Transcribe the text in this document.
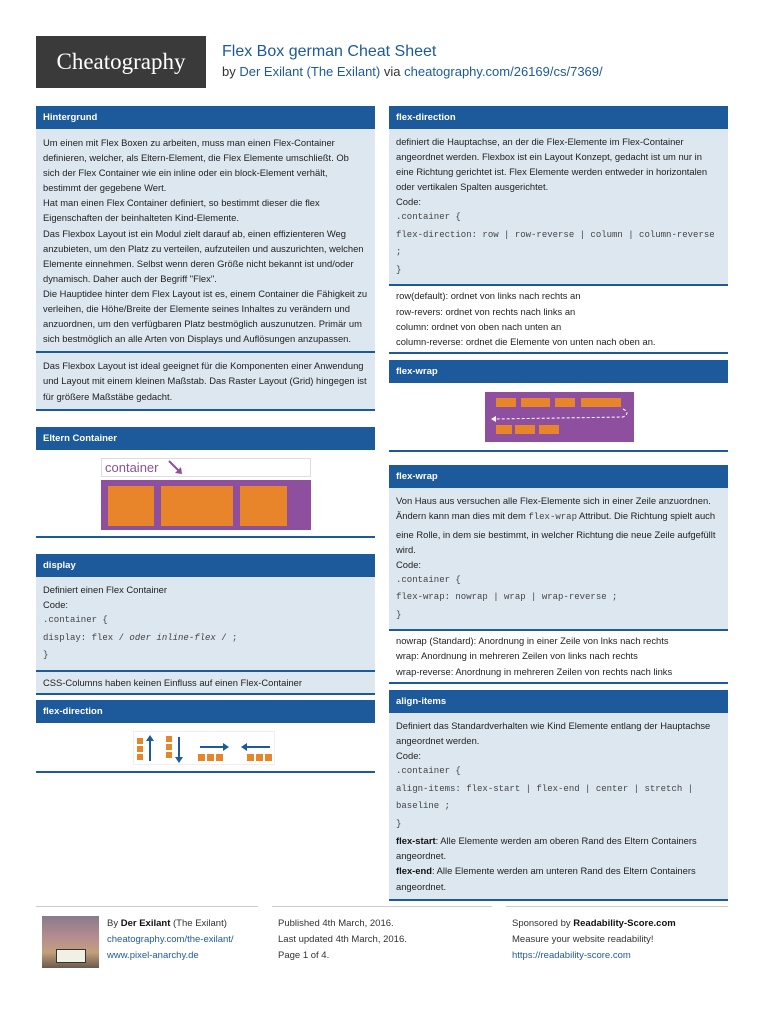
Cheatography Flex Box german Cheat Sheet
by Der Exilant (The Exilant) via cheatography.com/26169/cs/7369/
Hintergrund
Um einen mit Flex Boxen zu arbeiten, muss man einen Flex-Container definieren, welcher, als Eltern-Element, die Flex Elemente umschließt. Ob sich der Flex Container wie ein inline oder ein block-Element verhält, bestimmt der gegebene Wert.
Hat man einen Flex Container definiert, so bestimmt dieser die flex Eigenschaften der beinhalteten Kind-Elemente.
Das Flexbox Layout ist ein Modul zielt darauf ab, einen effizienteren Weg anzubieten, um den Platz zu verteilen, aufzuteilen und auszurichten, welchen Elemente einnehmen. Selbst wenn deren Größe nicht bekannt ist und/oder dynamisch. Daher auch der Begriff "Flex".
Die Hauptidee hinter dem Flex Layout ist es, einem Container die Fähigkeit zu verleihen, die Höhe/Breite der Elemente seines Inhaltes zu verändern und anzuordnen, um den verfügbaren Platz bestmöglich auszunutzen. Primär um sich bestmöglich an alle Arten von Displays und Auflösungen anzupassen.
Das Flexbox Layout ist ideal geeignet für die Komponenten einer Anwendung und Layout mit einem kleinen Maßstab. Das Raster Layout (Grid) hingegen ist für größere Maßstäbe gedacht.
Eltern Container
container
display
Definiert einen Flex Container
Code:
.container {
display: flex / oder inline-flex / ;
}
CSS-Columns haben keinen Einfluss auf einen Flex-Container
flex-direction
flex-direction
definiert die Hauptachse, an der die Flex-Elemente im Flex-Container angeordnet werden. Flexbox ist ein Layout Konzept, gedacht ist um nur in eine Richtung gerichtet ist. Flex Elemente werden entweder in horizontalen oder vertikalen Spalten ausgerichtet.
Code:
.container {
flex-direction: row | row-reverse | column | column-reverse ;
}
row(default): ordnet von links nach rechts an
row-revers: ordnet von rechts nach links an
column: ordnet von oben nach unten an
column-reverse: ordnet die Elemente von unten nach oben an.
flex-wrap
flex-wrap
Von Haus aus versuchen alle Flex-Elemente sich in einer Zeile anzuordnen. Ändern kann man dies mit dem flex-wrap Attribut. Die Richtung spielt auch eine Rolle, in dem sie bestimmt, in welcher Richtung die neue Zeile aufgefüllt wird.
Code:
.container {
flex-wrap: nowrap | wrap | wrap-reverse ;
}
nowrap (Standard): Anordnung in einer Zeile von lnks nach rechts
wrap: Anordnung in mehreren Zeilen von links nach rechts
wrap-reverse: Anordnung in mehreren Zeilen von rechts nach links
align-items
Definiert das Standardverhalten wie Kind Elemente entlang der Hauptachse angeordnet werden.
Code:
.container {
align-items: flex-start | flex-end | center | stretch | baseline ;
}
flex-start: Alle Elemente werden am oberen Rand des Eltern Containers angeordnet.
flex-end: Alle Elemente werden am unteren Rand des Eltern Containers angeordnet.
By Der Exilant (The Exilant)
cheatography.com/the-exilant/
www.pixel-anarchy.de
Published 4th March, 2016.
Last updated 4th March, 2016.
Page 1 of 4.
Sponsored by Readability-Score.com
Measure your website readability!
https://readability-score.com
